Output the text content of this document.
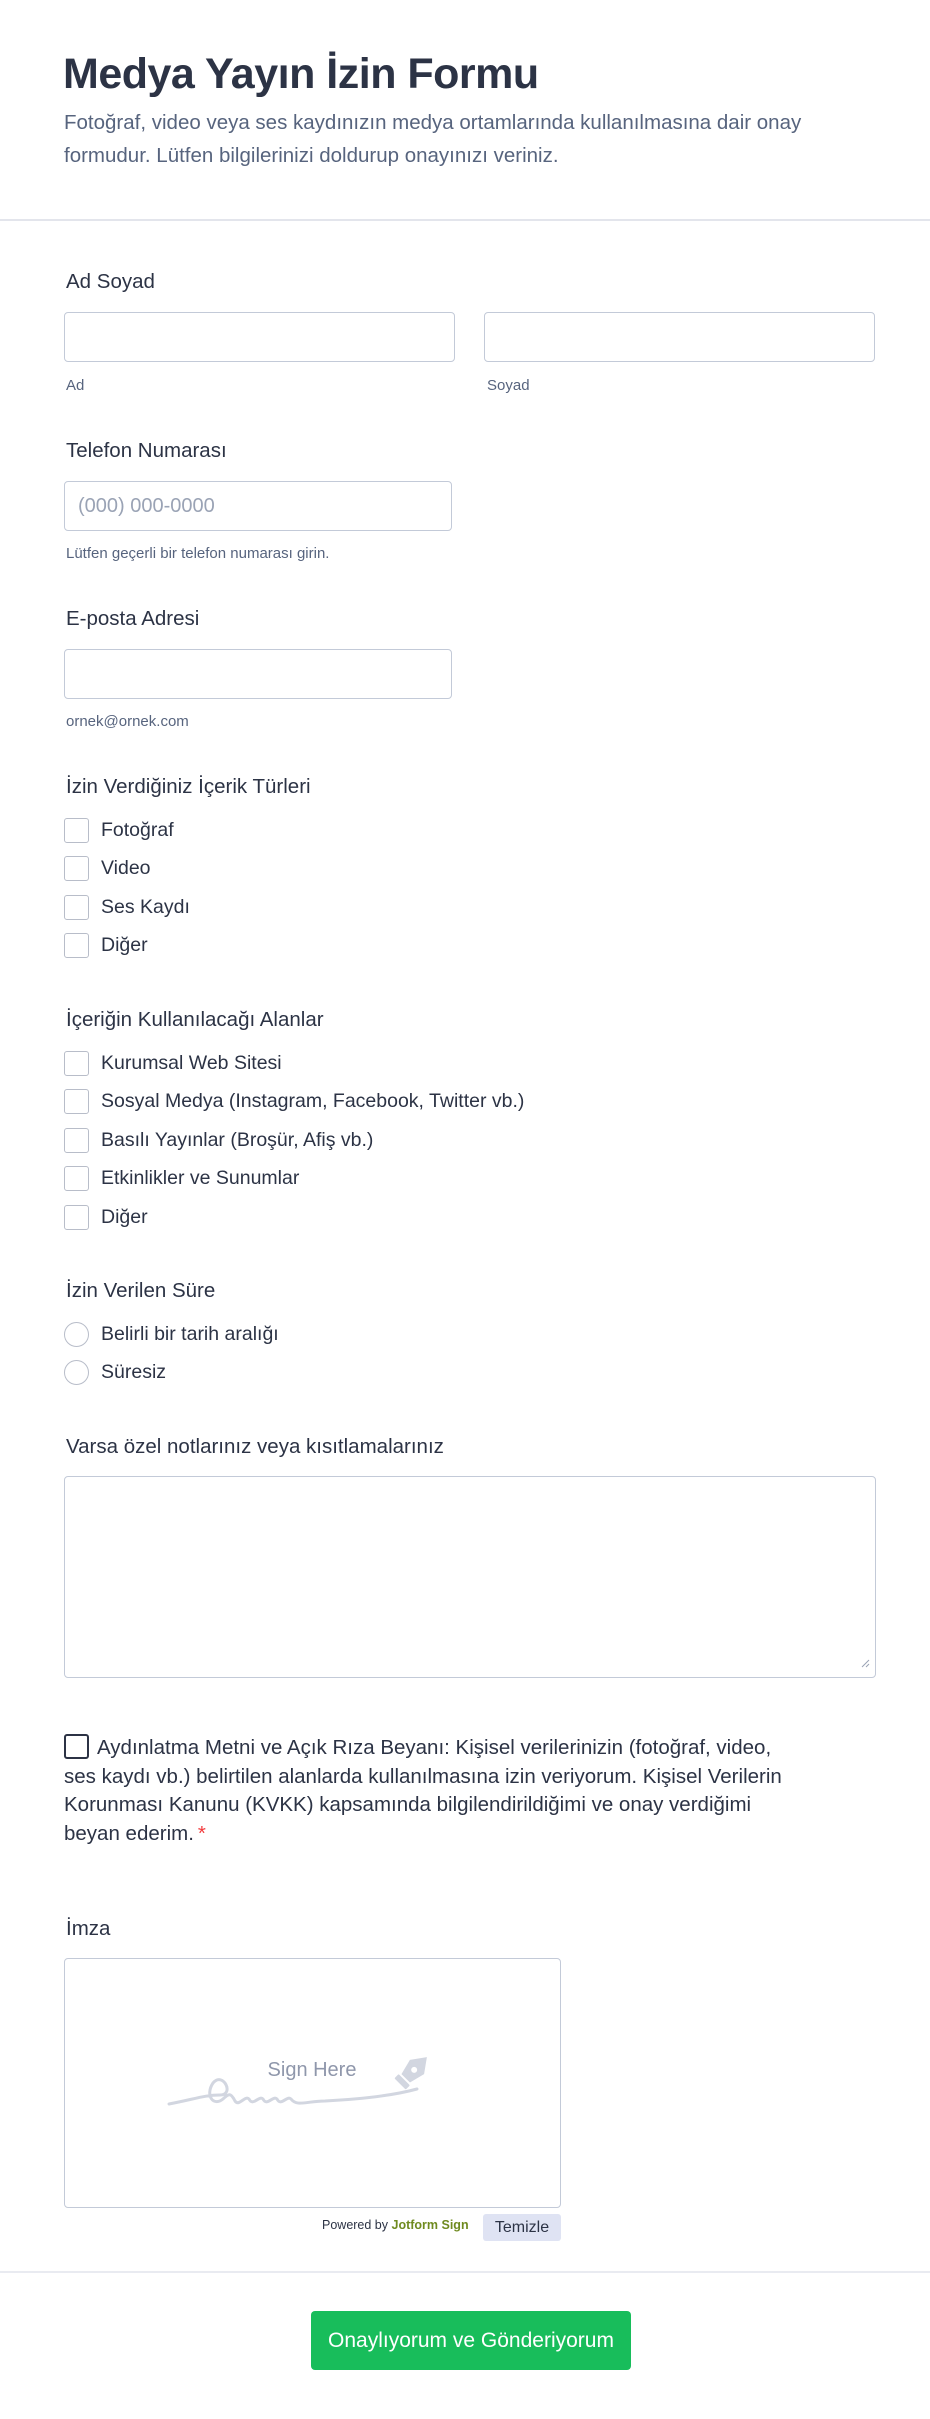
Medya Yayın İzin Formu

Fotoğraf, video veya ses kaydınızın medya ortamlarında kullanılmasına dair onay formudur. Lütfen bilgilerinizi doldurup onayınızı veriniz.

Ad Soyad
Ad	Soyad
Telefon Numarası
(000) 000-0000
Lütfen geçerli bir telefon numarası girin.
E-posta Adresi
ornek@ornek.com
İzin Verdiğiniz İçerik Türleri
Fotoğraf
Video
Ses Kaydı
Diğer
İçeriğin Kullanılacağı Alanlar
Kurumsal Web Sitesi
Sosyal Medya (Instagram, Facebook, Twitter vb.)
Basılı Yayınlar (Broşür, Afiş vb.)
Etkinlikler ve Sunumlar
Diğer
İzin Verilen Süre
Belirli bir tarih aralığı
Süresiz
Varsa özel notlarınız veya kısıtlamalarınız
Aydınlatma Metni ve Açık Rıza Beyanı: Kişisel verilerinizin (fotoğraf, video, ses kaydı vb.) belirtilen alanlarda kullanılmasına izin veriyorum. Kişisel Verilerin Korunması Kanunu (KVKK) kapsamında bilgilendirildiğimi ve onay verdiğimi beyan ederim. *
İmza
Sign Here
Powered by Jotform Sign	Temizle
Onaylıyorum ve Gönderiyorum
